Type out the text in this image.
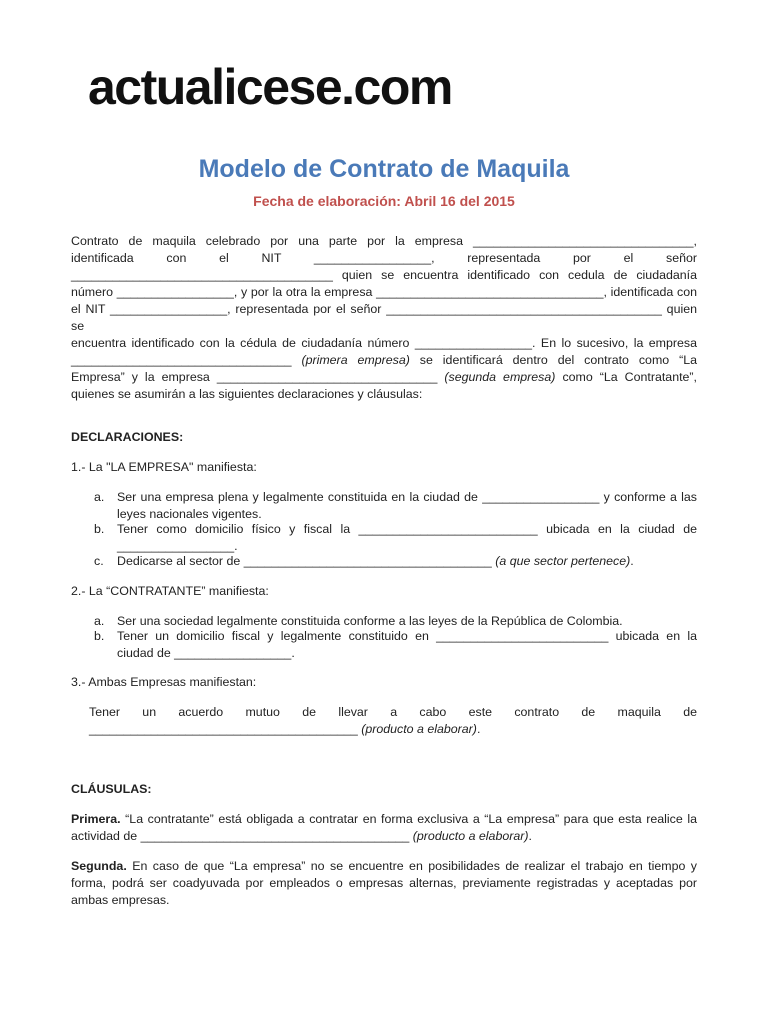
actualicese.com
Modelo de Contrato de Maquila
Fecha de elaboración: Abril 16 del 2015
Contrato de maquila celebrado por una parte por la empresa ________________________________,
identificada con el NIT _________________, representada por el señor
______________________________________ quien se encuentra identificado con cedula de ciudadanía
número _________________, y por la otra la empresa _________________________________, identificada con
el NIT _________________, representada por el señor ________________________________________ quien se
encuentra identificado con la cédula de ciudadanía número _________________. En lo sucesivo, la empresa
________________________________ (primera empresa) se identificará dentro del contrato como “La
Empresa” y la empresa ________________________________ (segunda empresa) como “La Contratante”,
quienes se asumirán a las siguientes declaraciones y cláusulas:
DECLARACIONES:
1.- La "LA EMPRESA" manifiesta:
a.	Ser una empresa plena y legalmente constituida en la ciudad de _________________ y conforme a las
leyes nacionales vigentes.
b.	Tener como domicilio físico y fiscal la __________________________ ubicada en la ciudad de
_________________.
c.	Dedicarse al sector de ____________________________________ (a que sector pertenece).
2.- La “CONTRATANTE” manifiesta:
a.	Ser una sociedad legalmente constituida conforme a las leyes de la República de Colombia.
b.	Tener un domicilio fiscal y legalmente constituido en _________________________ ubicada en la
ciudad de _________________.
3.- Ambas Empresas manifiestan:
Tener un acuerdo mutuo de llevar a cabo este contrato de maquila de
_______________________________________ (producto a elaborar).
CLÁUSULAS:
Primera. “La contratante” está obligada a contratar en forma exclusiva a “La empresa” para que esta realice la
actividad de _______________________________________ (producto a elaborar).
Segunda. En caso de que “La empresa” no se encuentre en posibilidades de realizar el trabajo en tiempo y
forma, podrá ser coadyuvada por empleados o empresas alternas, previamente registradas y aceptadas por
ambas empresas.
